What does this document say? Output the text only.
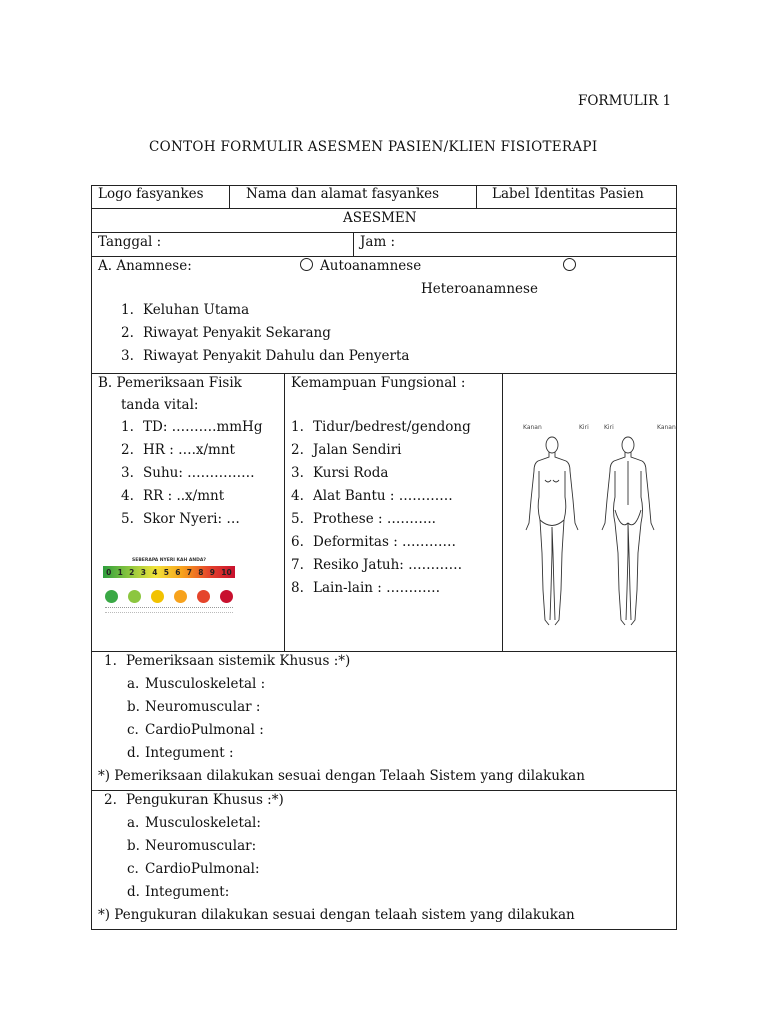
FORMULIR 1
CONTOH FORMULIR ASESMEN PASIEN/KLIEN FISIOTERAPI
Logo fasyankes	Nama dan alamat fasyankes	Label Identitas Pasien
ASESMEN
Tanggal :	Jam :
A. Anamnese:	Autoanamnese
Heteroanamnese
1. Keluhan Utama
2. Riwayat Penyakit Sekarang
3. Riwayat Penyakit Dahulu dan Penyerta
B. Pemeriksaan Fisik
tanda vital:
1. TD: ……….mmHg
2. HR : ….x/mnt
3. Suhu: ……………
4. RR : ..x/mnt
5. Skor Nyeri: …
SEBERAPA NYERI KAH ANDA?
0 1 2 3 4 5 6 7 8 9 10
Kemampuan Fungsional :
1. Tidur/bedrest/gendong
2. Jalan Sendiri
3. Kursi Roda
4. Alat Bantu : …………
5. Prothese : ………..
6. Deformitas : …………
7. Resiko Jatuh: …………
8. Lain-lain : …………
Kanan	Kiri	Kiri	Kanan
1. Pemeriksaan sistemik Khusus :*)
a. Musculoskeletal :
b. Neuromuscular :
c. CardioPulmonal :
d. Integument :
*) Pemeriksaan dilakukan sesuai dengan Telaah Sistem yang dilakukan
2. Pengukuran Khusus :*)
a. Musculoskeletal:
b. Neuromuscular:
c. CardioPulmonal:
d. Integument:
*) Pengukuran dilakukan sesuai dengan telaah sistem yang dilakukan
